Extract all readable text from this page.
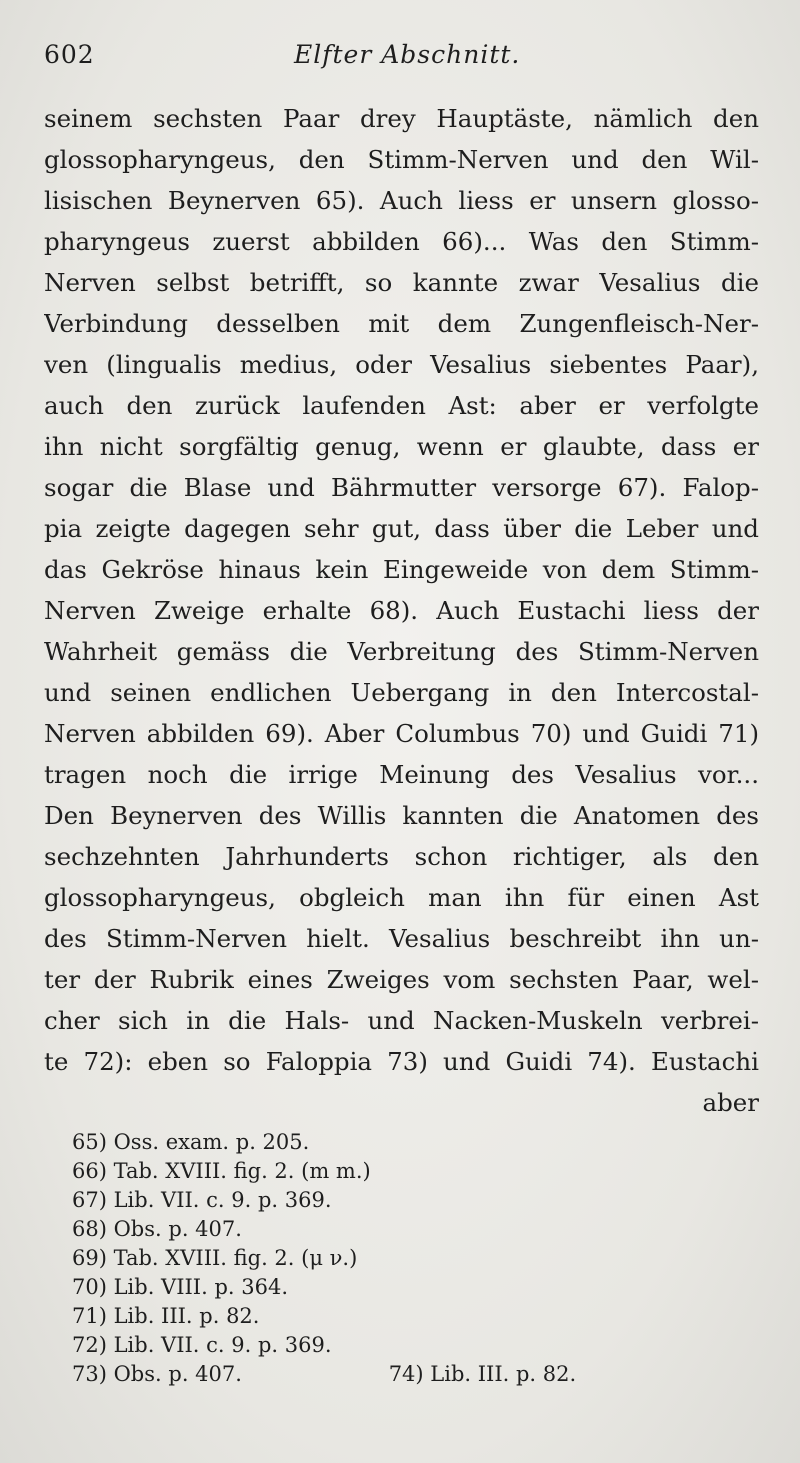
602	Elfter Abschnitt.
seinem sechsten Paar drey Hauptäste, nämlich den
glossopharyngeus, den Stimm-Nerven und den Wil-
lisischen Beynerven 65). Auch liess er unsern glosso-
pharyngeus zuerst abbilden 66)... Was den Stimm-
Nerven selbst betrifft, so kannte zwar Vesalius die
Verbindung desselben mit dem Zungenfleisch-Ner-
ven (lingualis medius, oder Vesalius siebentes Paar),
auch den zurück laufenden Ast: aber er verfolgte
ihn nicht sorgfältig genug, wenn er glaubte, dass er
sogar die Blase und Bährmutter versorge 67). Falop-
pia zeigte dagegen sehr gut, dass über die Leber und
das Gekröse hinaus kein Eingeweide von dem Stimm-
Nerven Zweige erhalte 68). Auch Eustachi liess der
Wahrheit gemäss die Verbreitung des Stimm-Nerven
und seinen endlichen Uebergang in den Intercostal-
Nerven abbilden 69). Aber Columbus 70) und Guidi 71)
tragen noch die irrige Meinung des Vesalius vor...
Den Beynerven des Willis kannten die Anatomen des
sechzehnten Jahrhunderts schon richtiger, als den
glossopharyngeus, obgleich man ihn für einen Ast
des Stimm-Nerven hielt. Vesalius beschreibt ihn un-
ter der Rubrik eines Zweiges vom sechsten Paar, wel-
cher sich in die Hals- und Nacken-Muskeln verbrei-
te 72): eben so Faloppia 73) und Guidi 74). Eustachi
aber
65) Oss. exam. p. 205.
66) Tab. XVIII. fig. 2. (m m.)
67) Lib. VII. c. 9. p. 369.
68) Obs. p. 407.
69) Tab. XVIII. fig. 2. (μ ν.)
70) Lib. VIII. p. 364.
71) Lib. III. p. 82.
72) Lib. VII. c. 9. p. 369.
73) Obs. p. 407.	74) Lib. III. p. 82.
